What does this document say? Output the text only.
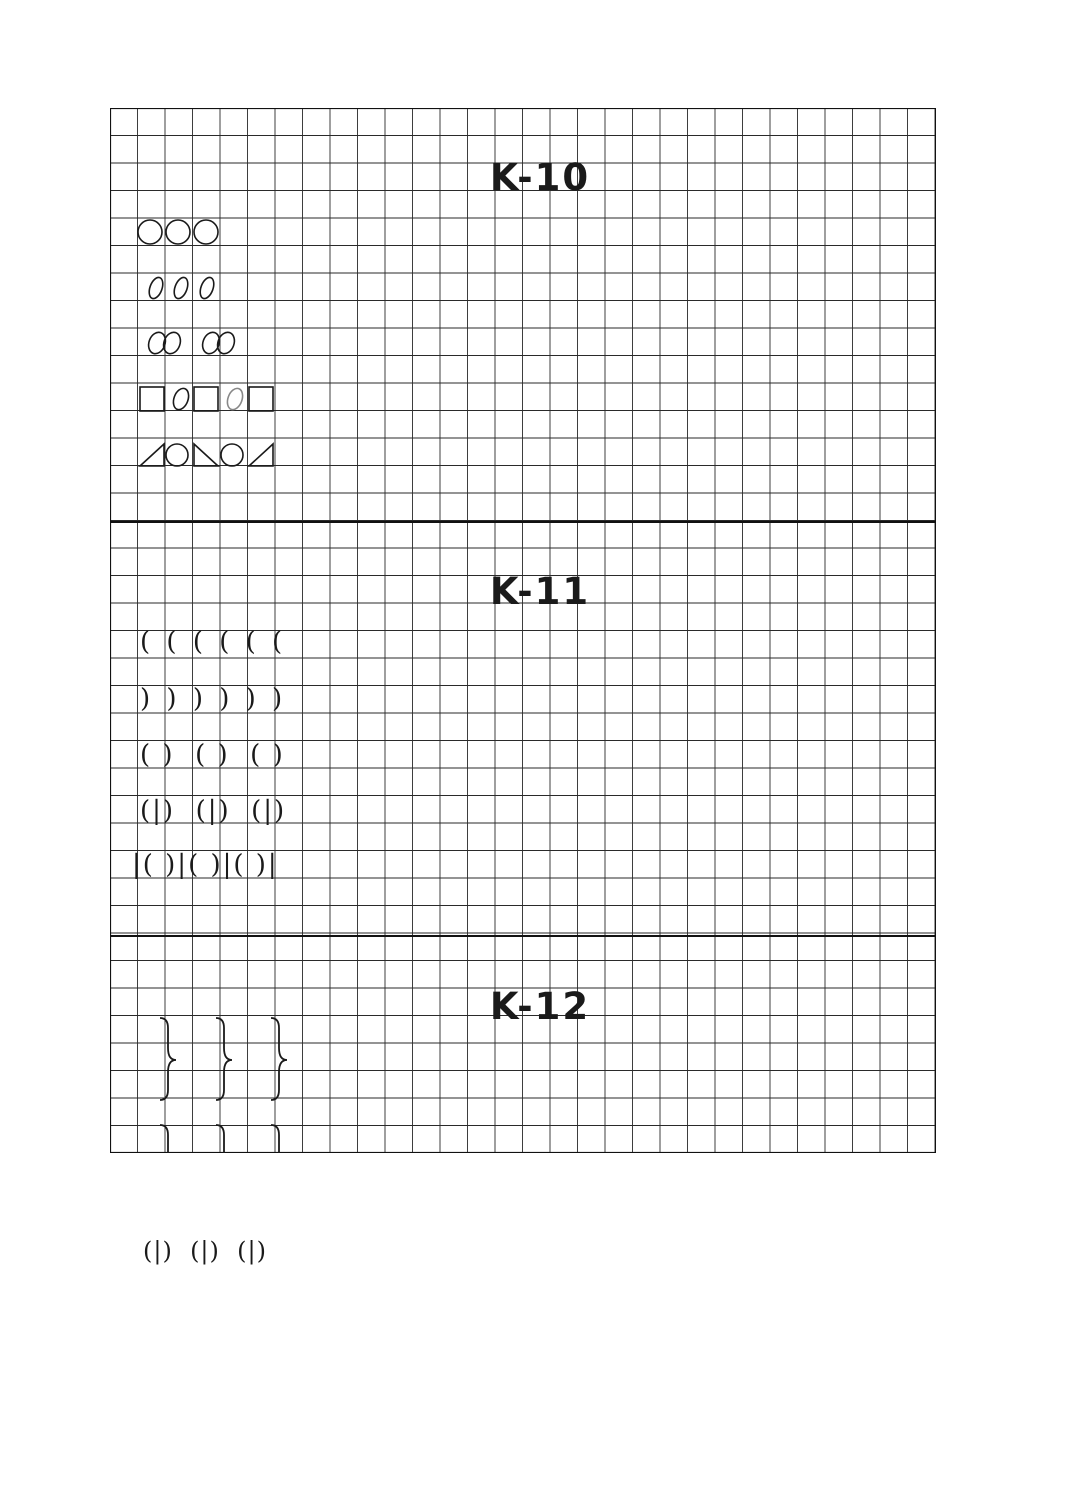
K-10
K-11
K-12
( ( ( ( ( (
) ) ) ) ) )
( )  ( )  ( )
(|)  (|)  (|)
|( )|( )|( )|
(|)  (|)  (|)
